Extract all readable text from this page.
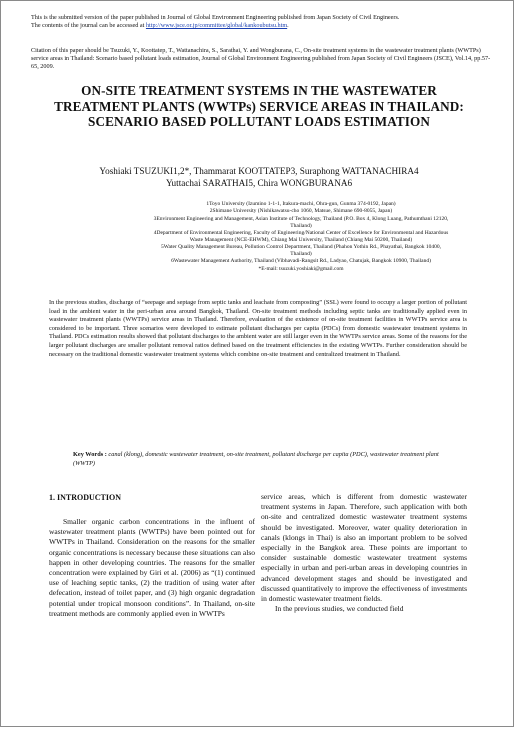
This is the submitted version of the paper published in Journal of Global Environment Engineering published from Japan Society of Civil Engineers.

The contents of the journal can be accessed at http://www.jsce.or.jp/committee/global/kankoubutsu.htm.

Citation of this paper should be Tsuzuki, Y., Koottatep, T., Wattanachira, S., Sarathai, Y. and Wongburana, C., On-site treatment systems in the wastewater treatment plants (WWTPs) service areas in Thailand: Scenario based pollutant loads estimation, Journal of Global Environment Engineering published from Japan Society of Civil Engineers (JSCE), Vol.14, pp.57-65, 2009.

ON-SITE TREATMENT SYSTEMS IN THE WASTEWATER TREATMENT PLANTS (WWTPs) SERVICE AREAS IN THAILAND: SCENARIO BASED POLLUTANT LOADS ESTIMATION

Yoshiaki TSUZUKI1,2*, Thammarat KOOTTATEP3, Suraphong WATTANACHIRA4

Yuttachai SARATHAI5, Chira WONGBURANA6

1Toyo University (Izumino 1-1-1, Itakura-machi, Ohra-gun, Gunma 374-0192, Japan)

2Shimane University (Nishikawatsu-cho 1060, Matsue, Shimane 690-8055, Japan)

3Environment Engineering and Management, Asian Institute of Technology, Thailand (P.O. Box 4, Klong Luang, Pathumthani 12120, Thailand)

4Department of Environmental Engineering, Faculty of Engineering/National Center of Excellence for Environmental and Hazardous Waste Management (NCE-EHWM), Chiang Mai University, Thailand (Chiang Mai 50200, Thailand)

5Water Quality Management Bureau, Pollution Control Department, Thailand (Phahon Yothin Rd., Phayathai, Bangkok 10400, Thailand)

6Wastewater Management Authority, Thailand (Vibhavadi-Rangsit Rd., Ladyao, Chatujak, Bangkok 10900, Thailand)

*E-mail: tsuzuki.yoshiaki@gmail.com

In the previous studies, discharge of “seepage and septage from septic tanks and leachate from composting” (SSL) were found to occupy a larger portion of pollutant load in the ambient water in the peri-urban area around Bangkok, Thailand. On-site treatment methods including septic tanks are traditionally applied even in wastewater treatment plants (WWTPs) service areas in Thailand. Therefore, evaluation of the existence of on-site treatment facilities in WWTPs service area is considered to be important. Three scenarios were developed to estimate pollutant discharges per capita (PDCs) from domestic wastewater treatment systems in Thailand. PDCs estimation results showed that pollutant discharges to the ambient water are still larger even in the WWTPs service areas. Some of the reasons for the larger pollutant discharges are smaller pollutant removal ratios defined based on the treatment efficiencies in the existing WWTPs. Further consideration should be necessary on the traditional domestic wastewater treatment systems which combine on-site treatment and centralized treatment in Thailand.

Key Words : canal (klong), domestic wastewater treatment, on-site treatment, pollutant discharge per capita (PDC), wastewater treatment plant (WWTP)

1. INTRODUCTION

Smaller organic carbon concentrations in the influent of wastewater treatment plants (WWTPs) have been pointed out for WWTPs in Thailand. Consideration on the reasons for the smaller organic concentrations is necessary because these situations can also happen in other developing countries. The reasons for the smaller concentration were explained by Giri et al. (2006) as “(1) continued use of leaching septic tanks, (2) the tradition of using water after defecation, instead of toilet paper, and (3) high organic degradation potential under tropical monsoon conditions”. In Thailand, on-site treatment methods are commonly applied even in WWTPs

service areas, which is different from domestic wastewater treatment systems in Japan. Therefore, such application with both on-site and centralized domestic wastewater treatment systems should be investigated. Moreover, water quality deterioration in canals (klongs in Thai) is also an important problem to be solved especially in the Bangkok area. These points are important to consider sustainable domestic wastewater treatment systems especially in urban and peri-urban areas in developing countries in advanced development stages and should be investigated and discussed quantitatively to improve the effectiveness of investments in domestic wastewater treatment fields.

In the previous studies, we conducted field
